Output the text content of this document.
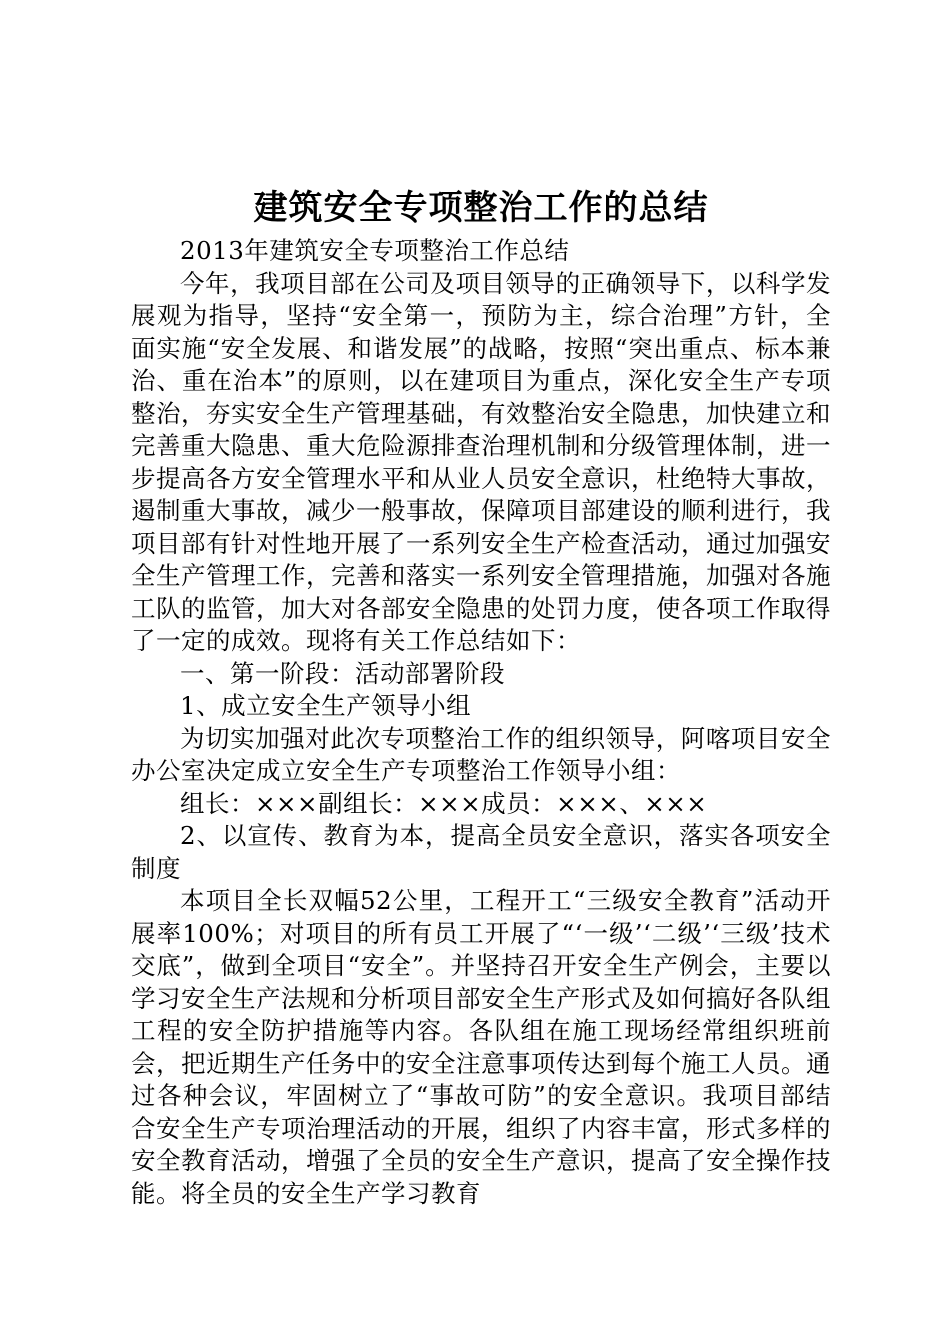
建筑安全专项整治工作的总结

2013年建筑安全专项整治工作总结

今年，我项目部在公司及项目领导的正确领导下，以科学发展观为指导，坚持“安全第一，预防为主，综合治理”方针，全面实施“安全发展、和谐发展”的战略，按照“突出重点、标本兼治、重在治本”的原则，以在建项目为重点，深化安全生产专项整治，夯实安全生产管理基础，有效整治安全隐患，加快建立和完善重大隐患、重大危险源排查治理机制和分级管理体制，进一步提高各方安全管理水平和从业人员安全意识，杜绝特大事故，遏制重大事故，减少一般事故，保障项目部建设的顺利进行，我项目部有针对性地开展了一系列安全生产检查活动，通过加强安全生产管理工作，完善和落实一系列安全管理措施，加强对各施工队的监管，加大对各部安全隐患的处罚力度，使各项工作取得了一定的成效。现将有关工作总结如下：

一、第一阶段：活动部署阶段

1、成立安全生产领导小组

为切实加强对此次专项整治工作的组织领导，阿喀项目安全办公室决定成立安全生产专项整治工作领导小组：

组长：×××副组长：×××成员：×××、×××

2、以宣传、教育为本，提高全员安全意识，落实各项安全制度

本项目全长双幅52公里，工程开工“三级安全教育”活动开展率100%；对项目的所有员工开展了“‘一级’‘二级’‘三级’技术交底”，做到全项目“安全”。并坚持召开安全生产例会，主要以学习安全生产法规和分析项目部安全生产形式及如何搞好各队组工程的安全防护措施等内容。各队组在施工现场经常组织班前会，把近期生产任务中的安全注意事项传达到每个施工人员。通过各种会议，牢固树立了“事故可防”的安全意识。我项目部结合安全生产专项治理活动的开展，组织了内容丰富，形式多样的安全教育活动，增强了全员的安全生产意识，提高了安全操作技能。将全员的安全生产学习教育
